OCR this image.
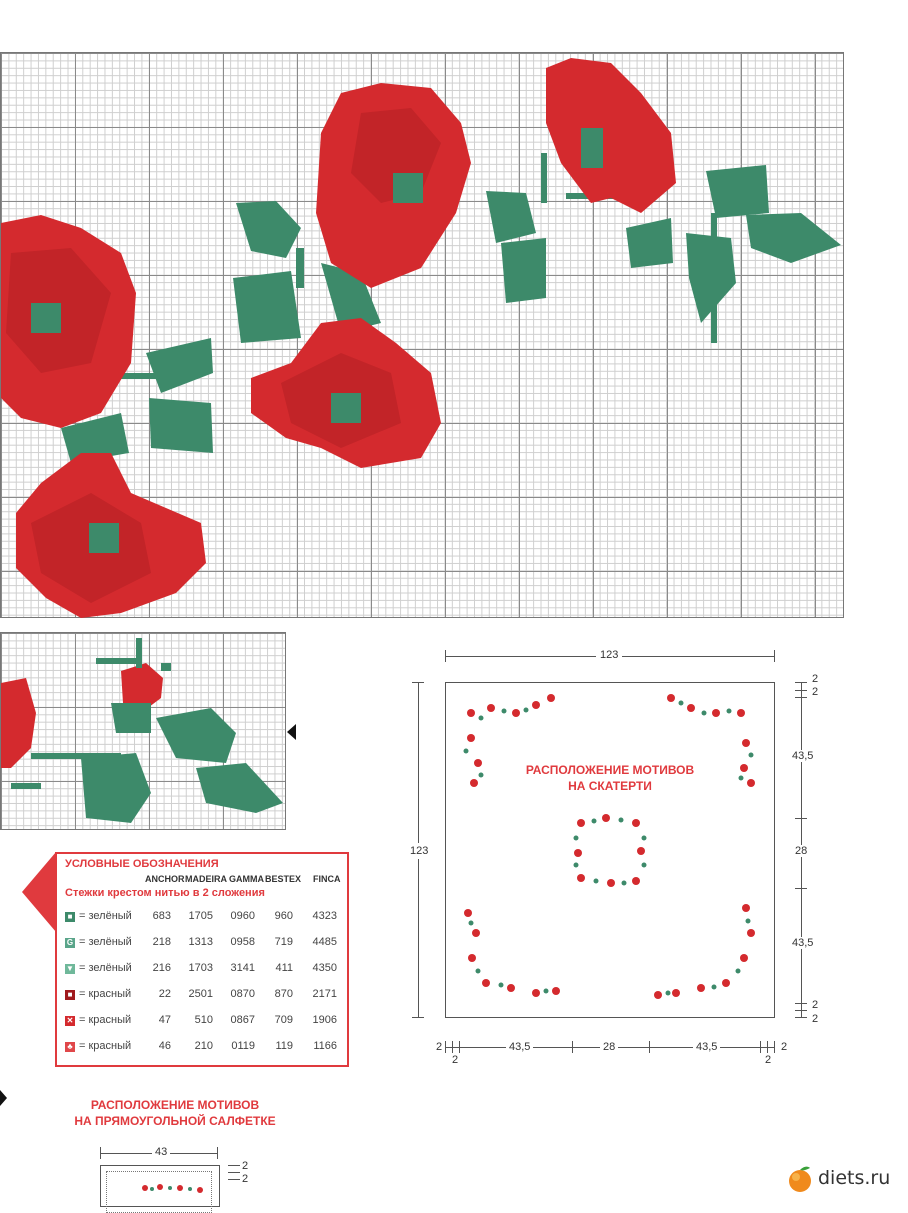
РАСПОЛОЖЕНИЕ МОТИВОВ
НА СКАТЕРТИ
123
123
2
2
43,5
28
43,5
2
2
2
2
43,5	28	43,5
2
2
УСЛОВНЫЕ ОБОЗНАЧЕНИЯ
ANCHOR MADEIRA GAMMA BESTEX FINCA
Стежки крестом нитью в 2 сложения
■ = зелёный	683	1705	0960	960	4323
G = зелёный	218	1313	0958	719	4485
▼ = зелёный	216	1703	3141	411	4350
■ = красный	22	2501	0870	870	2171
✕ = красный	47	510	0867	709	1906
♣ = красный	46	210	0119	119	1166
РАСПОЛОЖЕНИЕ МОТИВОВ
НА ПРЯМОУГОЛЬНОЙ САЛФЕТКЕ
43
2
2	diets.ru
